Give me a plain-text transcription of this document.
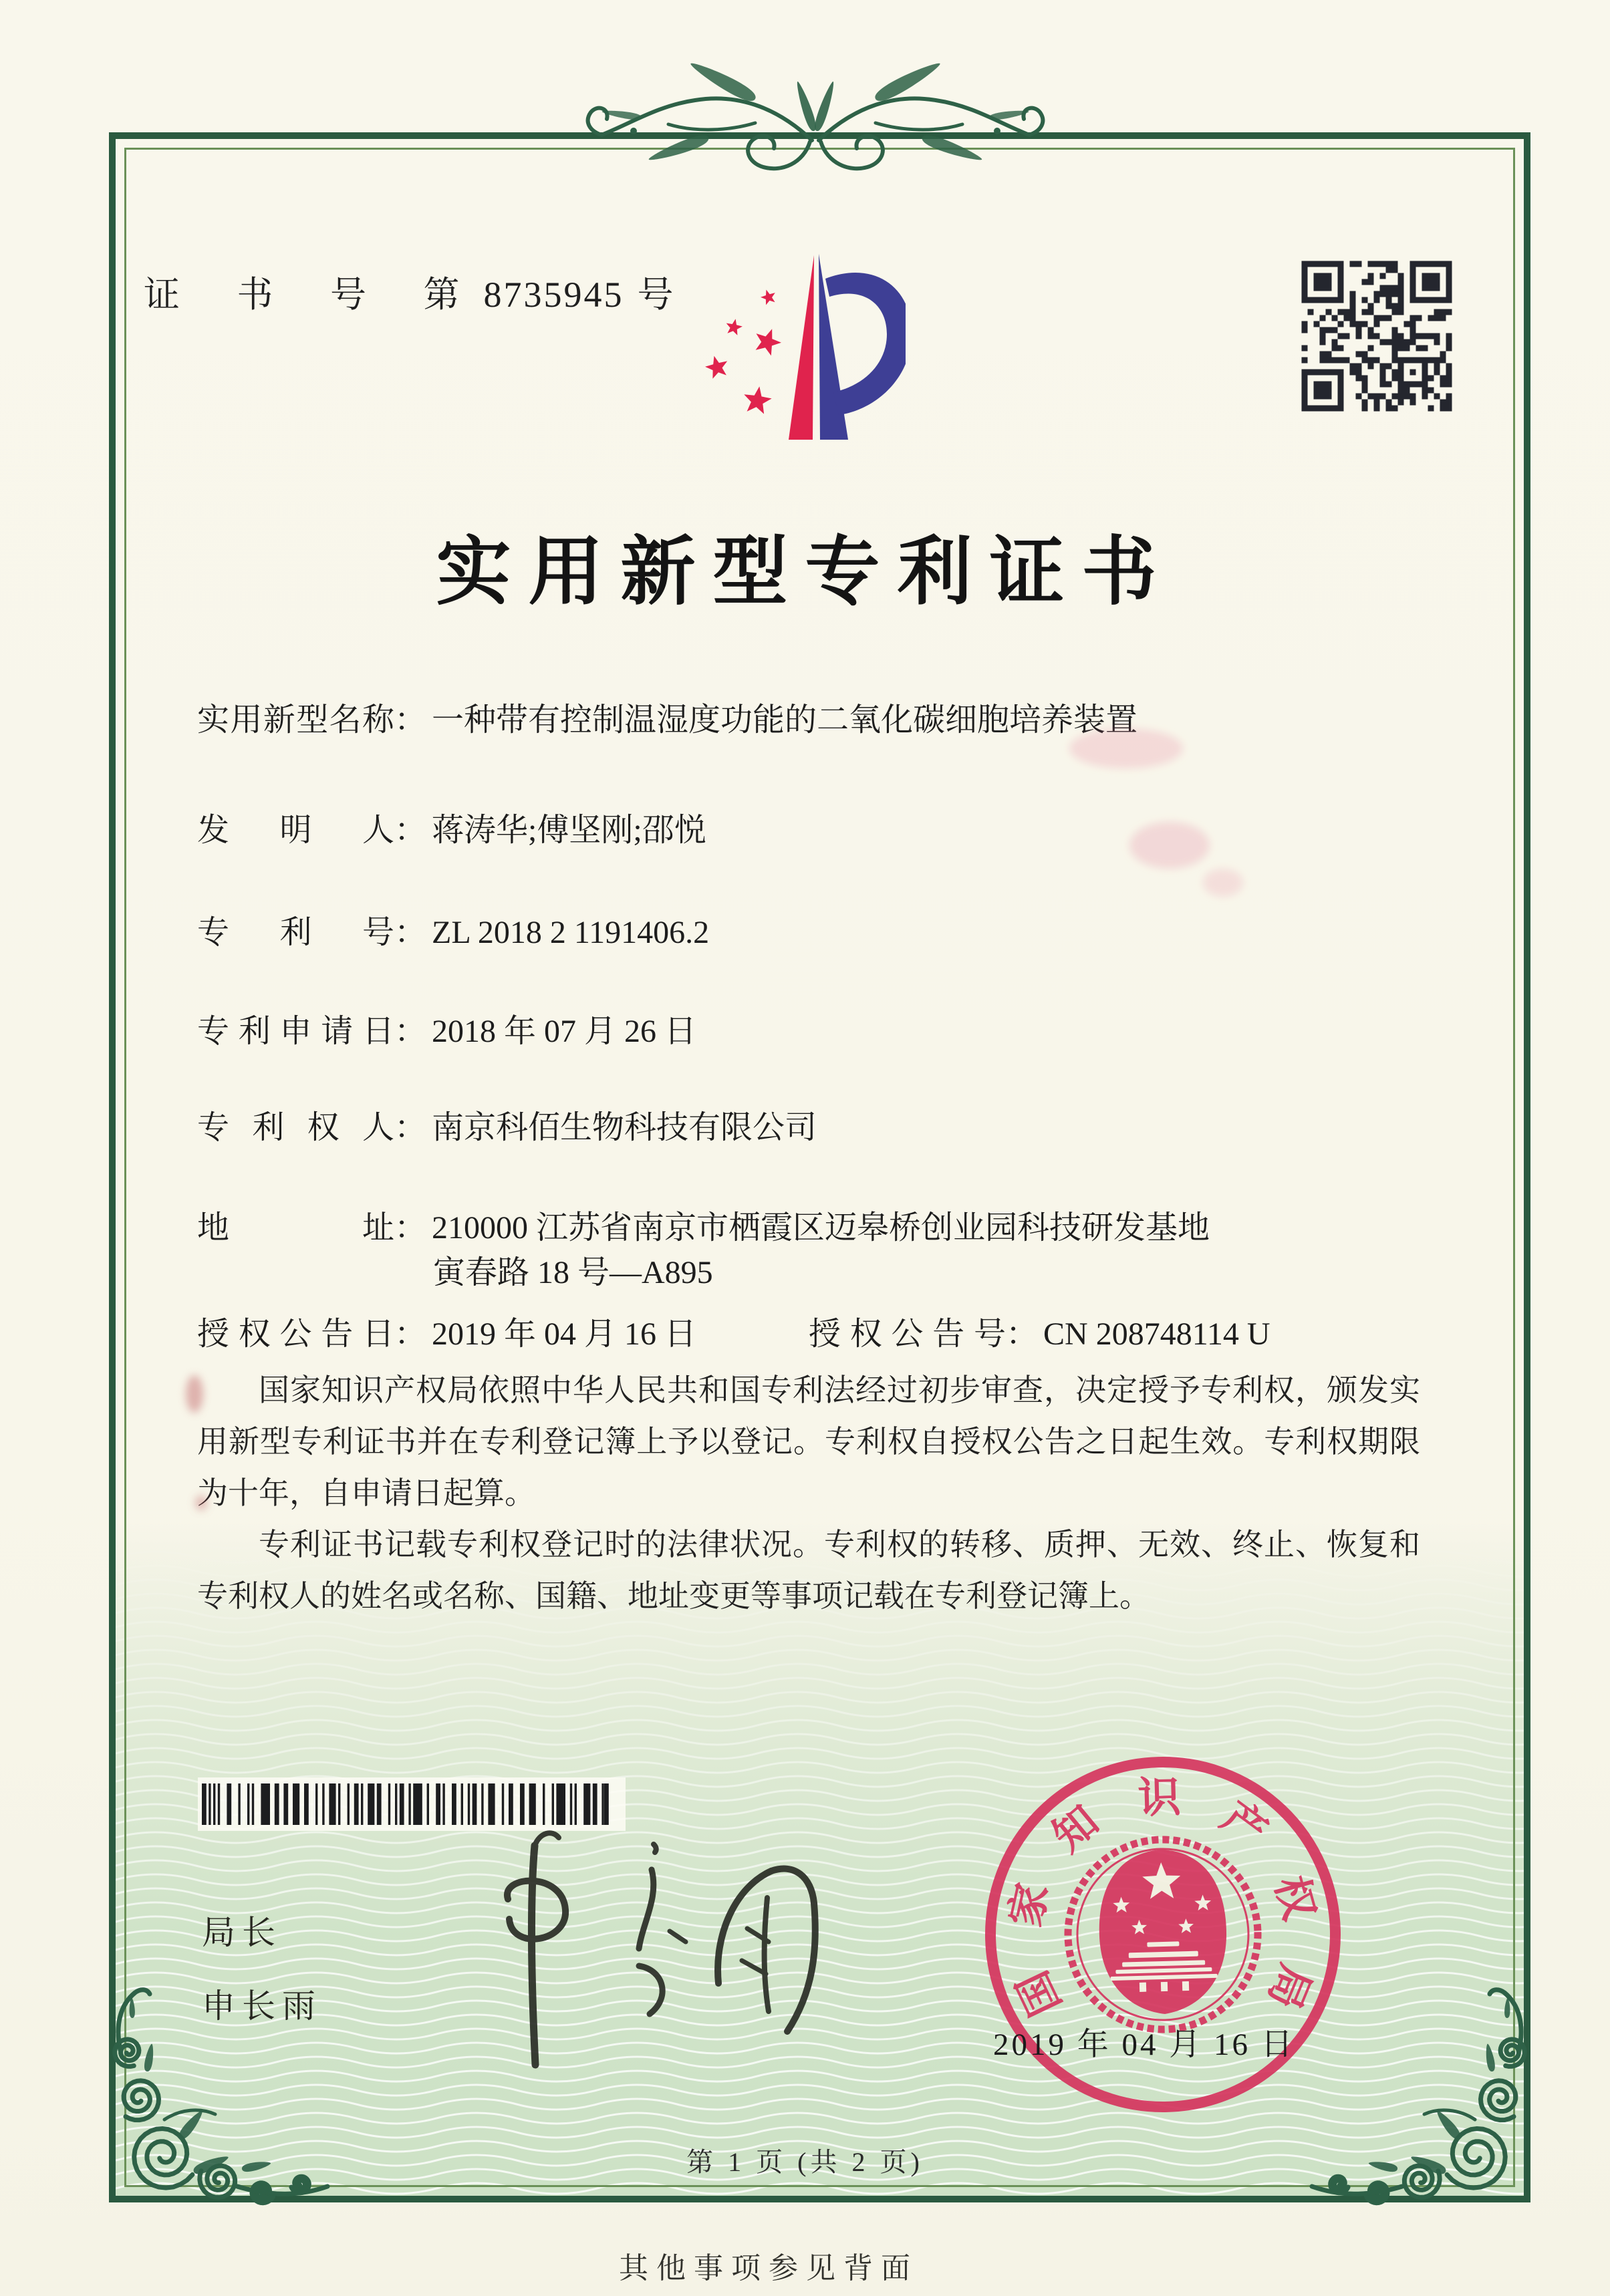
证 书 号 第8735945 号
实用新型专利证书
实用新型名称： 一种带有控制温湿度功能的二氧化碳细胞培养装置
发明人： 蒋涛华;傅坚刚;邵悦
专利号： ZL 2018 2 1191406.2
专利申请日： 2018 年 07 月 26 日
专利权人： 南京科佰生物科技有限公司
地址： 210000 江苏省南京市栖霞区迈皋桥创业园科技研发基地
寅春路 18 号—A895
授权公告日： 2019 年 04 月 16 日	授权公告号： CN 208748114 U

国家知识产权局依照中华人民共和国专利法经过初步审查，决定授予专利权，颁发实用新型专利证书并在专利登记簿上予以登记。专利权自授权公告之日起生效。专利权期限为十年，自申请日起算。

专利证书记载专利权登记时的法律状况。专利权的转移、质押、无效、终止、恢复和专利权人的姓名或名称、国籍、地址变更等事项记载在专利登记簿上。

局长
申长雨	国
家
知 识 产
权
局
2019 年 04 月 16 日
第 1 页 (共 2 页)
其他事项参见背面
